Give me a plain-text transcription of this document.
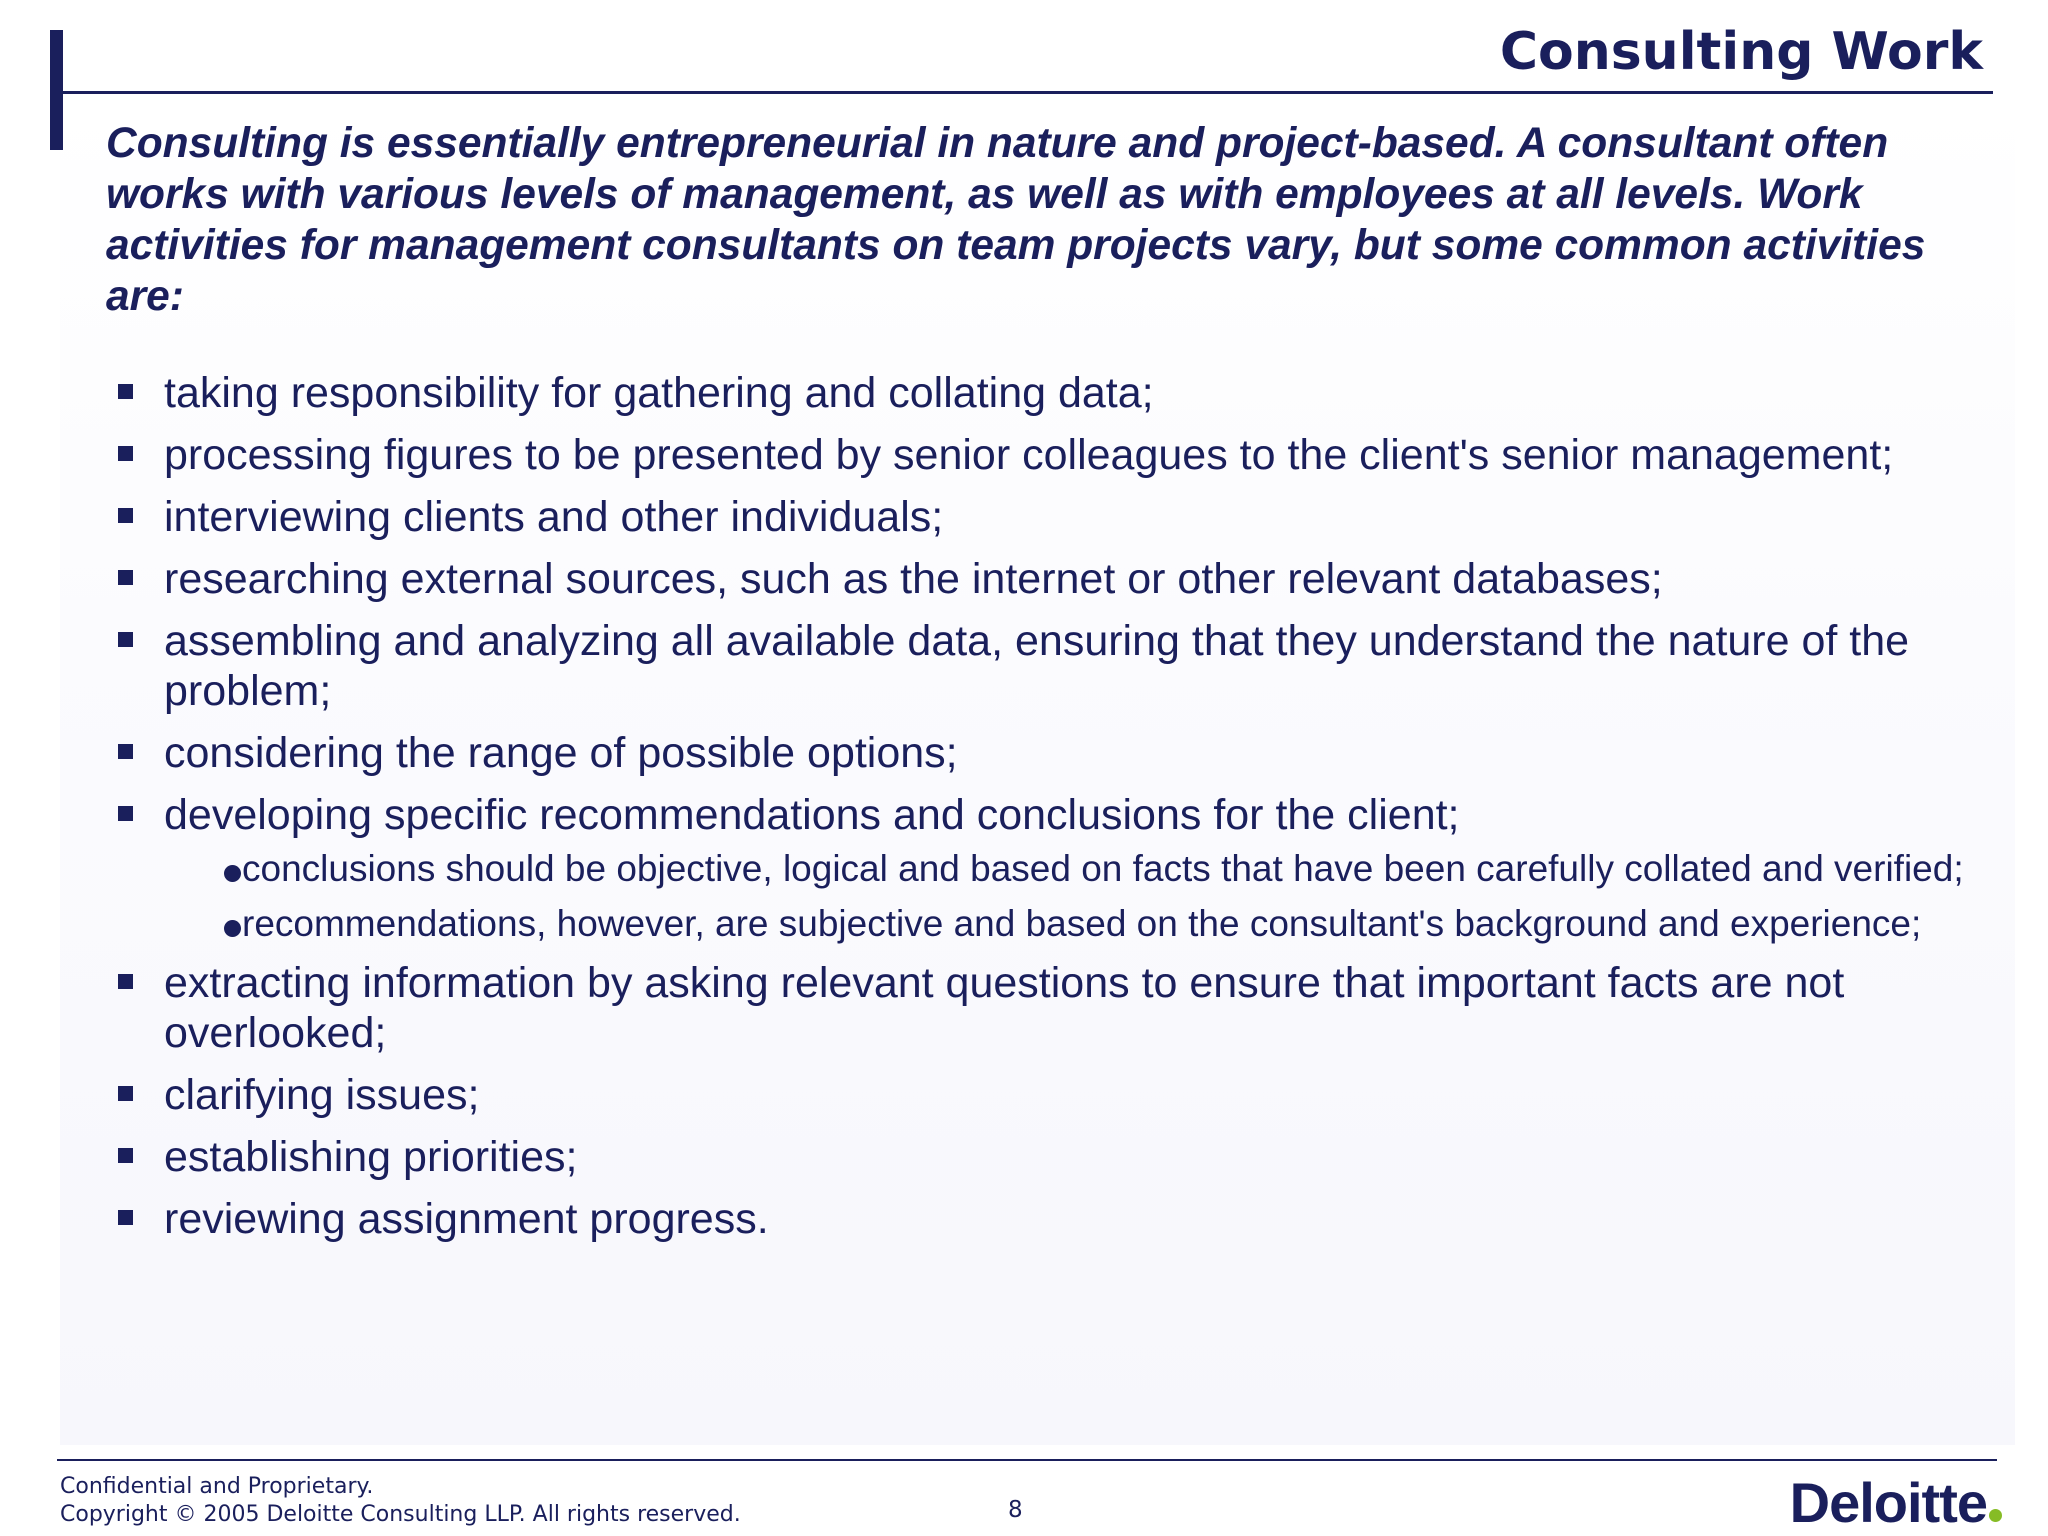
Consulting Work
Consulting is essentially entrepreneurial in nature and project-based. A consultant often works with various levels of management, as well as with employees at all levels. Work activities for management consultants on team projects vary, but some common activities are:
taking responsibility for gathering and collating data;
processing figures to be presented by senior colleagues to the client's senior management;
interviewing clients and other individuals;
researching external sources, such as the internet or other relevant databases;
assembling and analyzing all available data, ensuring that they understand the nature of the problem;
considering the range of possible options;
developing specific recommendations and conclusions for the client;
conclusions should be objective, logical and based on facts that have been carefully collated and verified;
recommendations, however, are subjective and based on the consultant's background and experience;
extracting information by asking relevant questions to ensure that important facts are not overlooked;
clarifying issues;
establishing priorities;
reviewing assignment progress.
Confidential and Proprietary.
Copyright © 2005 Deloitte Consulting LLP. All rights reserved.	8	Deloitte
